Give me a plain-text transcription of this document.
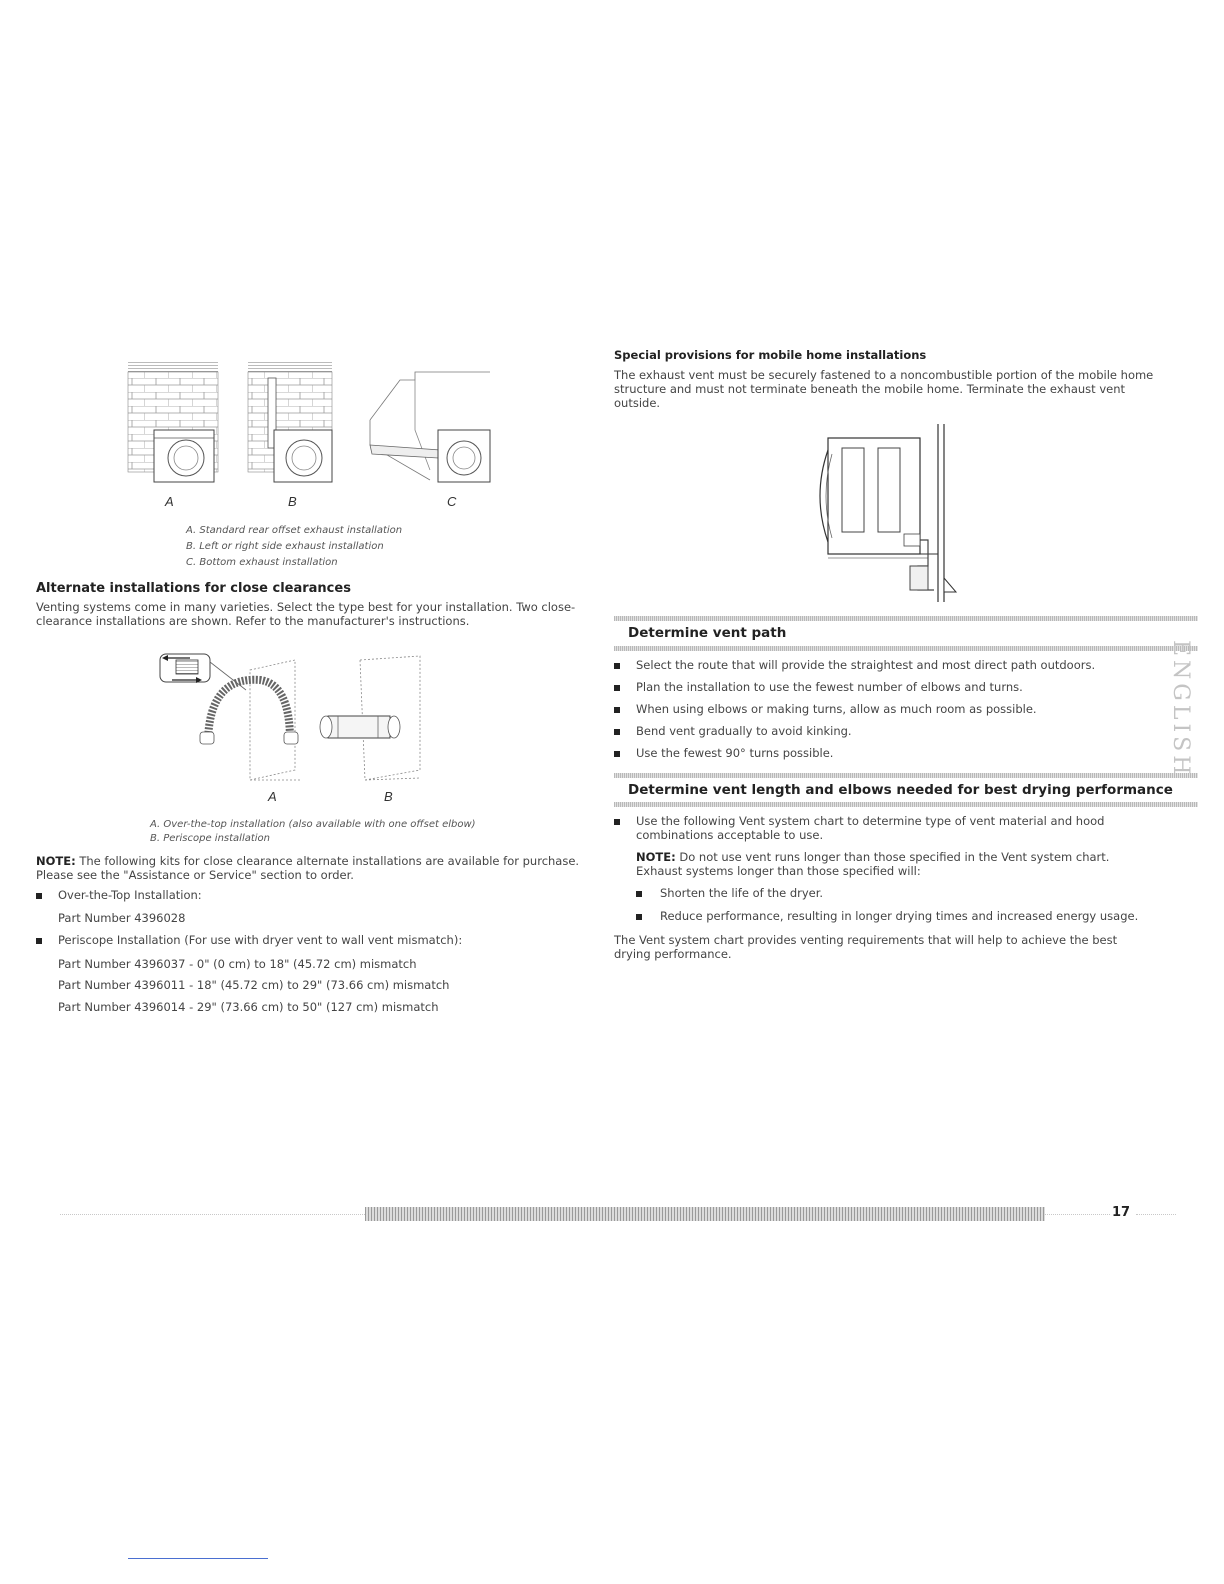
A	B	C
A. Standard rear offset exhaust installation
B. Left or right side exhaust installation
C. Bottom exhaust installation
Alternate installations for close clearances
Venting systems come in many varieties. Select the type best for your installation. Two close-
clearance installations are shown. Refer to the manufacturer's instructions.
A	B
A. Over-the-top installation (also available with one offset elbow)
B. Periscope installation
NOTE: The following kits for close clearance alternate installations are available for purchase.
Please see the "Assistance or Service" section to order.
Over-the-Top Installation:
Part Number 4396028
Periscope Installation (For use with dryer vent to wall vent mismatch):
Part Number 4396037 - 0" (0 cm) to 18" (45.72 cm) mismatch
Part Number 4396011 - 18" (45.72 cm) to 29" (73.66 cm) mismatch
Part Number 4396014 - 29" (73.66 cm) to 50" (127 cm) mismatch
Special provisions for mobile home installations
The exhaust vent must be securely fastened to a noncombustible portion of the mobile home
structure and must not terminate beneath the mobile home. Terminate the exhaust vent
outside.
Determine vent path
Select the route that will provide the straightest and most direct path outdoors.
Plan the installation to use the fewest number of elbows and turns.
When using elbows or making turns, allow as much room as possible.
Bend vent gradually to avoid kinking.
Use the fewest 90° turns possible.
Determine vent length and elbows needed for best drying performance
Use the following Vent system chart to determine type of vent material and hood
combinations acceptable to use.
NOTE: Do not use vent runs longer than those specified in the Vent system chart.
Exhaust systems longer than those specified will:
Shorten the life of the dryer.
Reduce performance, resulting in longer drying times and increased energy usage.
The Vent system chart provides venting requirements that will help to achieve the best
drying performance.
ENGLISH
17
